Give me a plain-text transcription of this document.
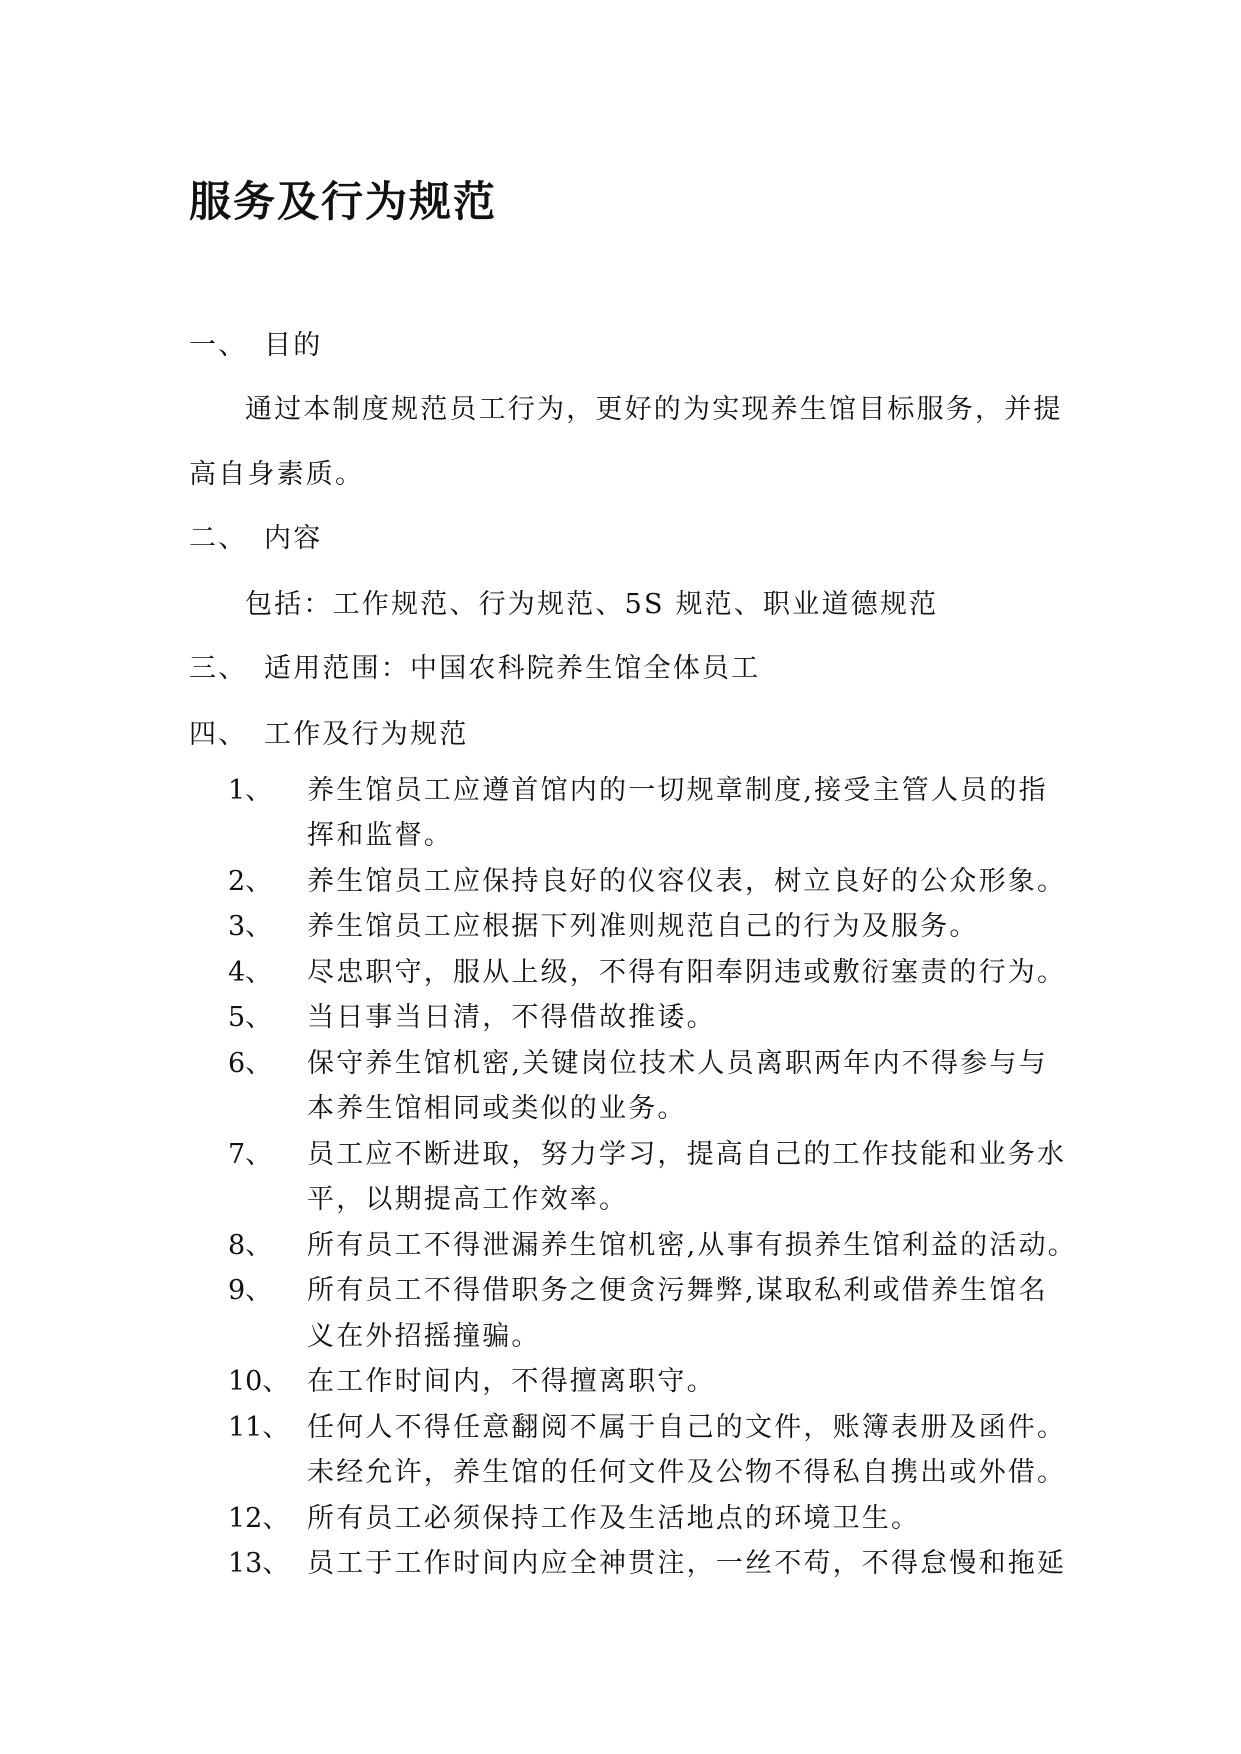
服务及行为规范
一、 目的
通过本制度规范员工行为，更好的为实现养生馆目标服务，并提
高自身素质。
二、 内容
包括：工作规范、行为规范、5S 规范、职业道德规范
三、 适用范围：中国农科院养生馆全体员工
四、 工作及行为规范
1、 养生馆员工应遵首馆内的一切规章制度,接受主管人员的指
挥和监督。
2、 养生馆员工应保持良好的仪容仪表，树立良好的公众形象。
3、 养生馆员工应根据下列准则规范自己的行为及服务。
4、 尽忠职守，服从上级，不得有阳奉阴违或敷衍塞责的行为。
5、 当日事当日清，不得借故推诿。
6、 保守养生馆机密,关键岗位技术人员离职两年内不得参与与
本养生馆相同或类似的业务。
7、 员工应不断进取，努力学习，提高自己的工作技能和业务水
平，以期提高工作效率。
8、 所有员工不得泄漏养生馆机密,从事有损养生馆利益的活动。
9、 所有员工不得借职务之便贪污舞弊,谋取私利或借养生馆名
义在外招摇撞骗。
10、 在工作时间内，不得擅离职守。
11、 任何人不得任意翻阅不属于自己的文件，账簿表册及函件。
未经允许，养生馆的任何文件及公物不得私自携出或外借。
12、 所有员工必须保持工作及生活地点的环境卫生。
13、 员工于工作时间内应全神贯注，一丝不苟，不得怠慢和拖延
